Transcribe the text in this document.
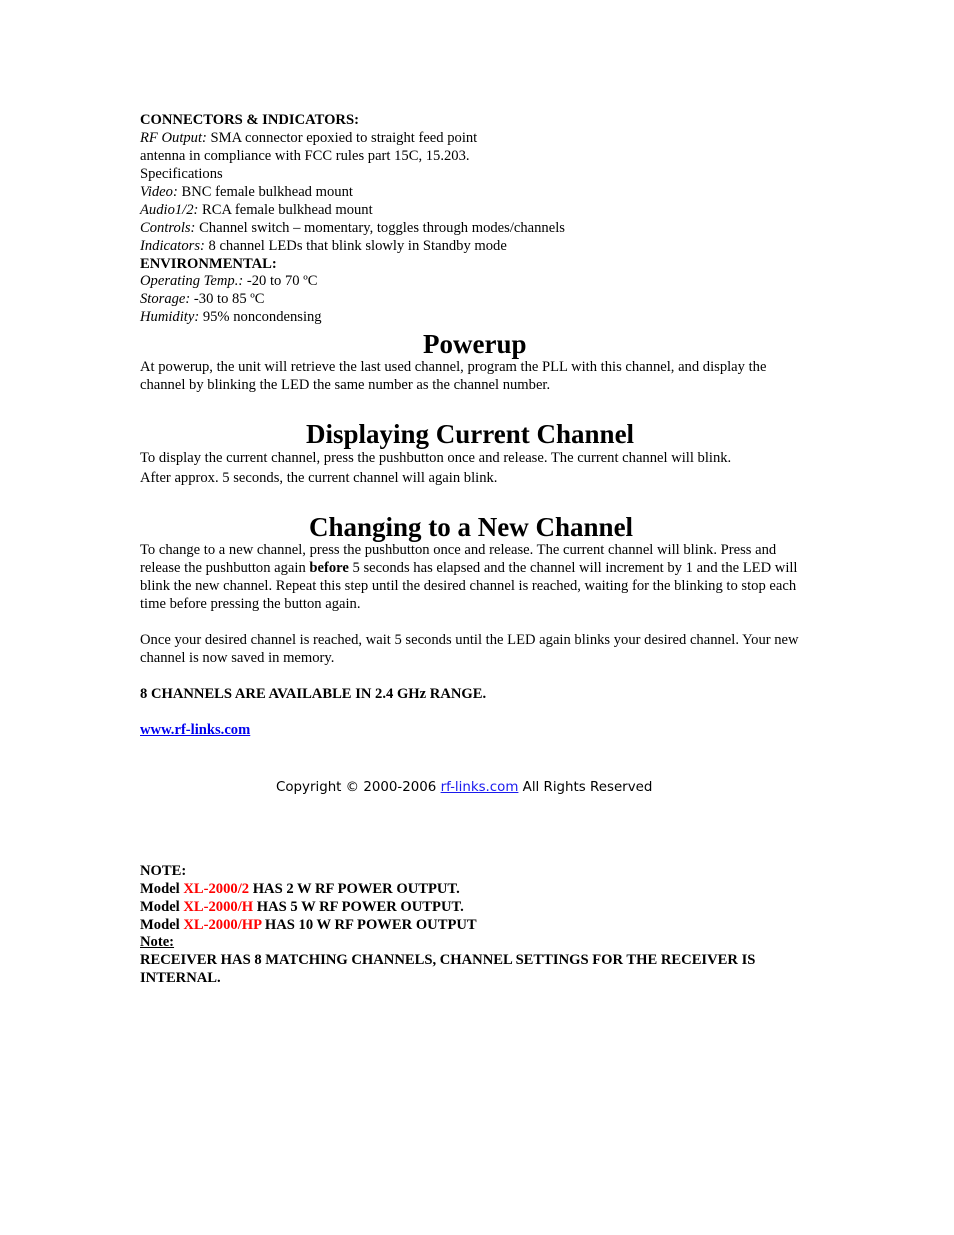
CONNECTORS & INDICATORS:
RF Output: SMA connector epoxied to straight feed point
antenna in compliance with FCC rules part 15C, 15.203.
Specifications
Video: BNC female bulkhead mount
Audio1/2: RCA female bulkhead mount
Controls: Channel switch – momentary, toggles through modes/channels
Indicators: 8 channel LEDs that blink slowly in Standby mode
ENVIRONMENTAL:
Operating Temp.: -20 to 70 ºC
Storage: -30 to 85 ºC
Humidity: 95% noncondensing
Powerup
At powerup, the unit will retrieve the last used channel, program the PLL with this channel, and display the channel by blinking the LED the same number as the channel number.
Displaying Current Channel
To display the current channel, press the pushbutton once and release. The current channel will blink.
After approx. 5 seconds, the current channel will again blink.
Changing to a New Channel
To change to a new channel, press the pushbutton once and release. The current channel will blink. Press and release the pushbutton again before 5 seconds has elapsed and the channel will increment by 1 and the LED will blink the new channel. Repeat this step until the desired channel is reached, waiting for the blinking to stop each time before pressing the button again.
Once your desired channel is reached, wait 5 seconds until the LED again blinks your desired channel. Your new channel is now saved in memory.
8 CHANNELS ARE AVAILABLE IN 2.4 GHz RANGE.
www.rf-links.com
NOTE:
Model XL-2000/2 HAS 2 W RF POWER OUTPUT.
Model XL-2000/H HAS 5 W RF POWER OUTPUT.
Model XL-2000/HP HAS 10 W RF POWER OUTPUT
Note:
RECEIVER HAS 8 MATCHING CHANNELS, CHANNEL SETTINGS FOR THE RECEIVER IS INTERNAL.
Copyright © 2000-2006 rf-links.com All Rights Reserved
